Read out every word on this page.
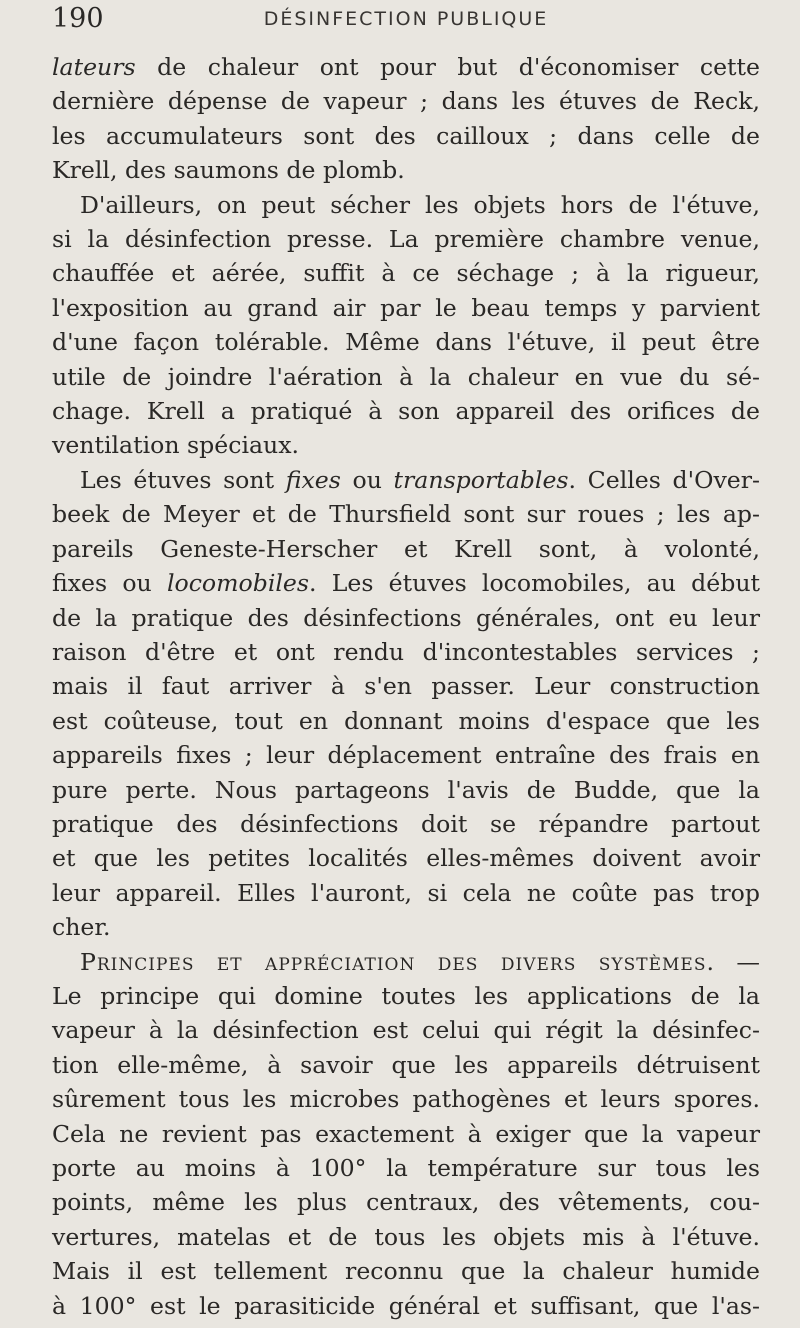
190	DÉSINFECTION PUBLIQUE
lateurs de chaleur ont pour but d'économiser cette
dernière dépense de vapeur ; dans les étuves de Reck,
les accumulateurs sont des cailloux ; dans celle de
Krell, des saumons de plomb.
D'ailleurs, on peut sécher les objets hors de l'étuve,
si la désinfection presse. La première chambre venue,
chauffée et aérée, suffit à ce séchage ; à la rigueur,
l'exposition au grand air par le beau temps y parvient
d'une façon tolérable. Même dans l'étuve, il peut être
utile de joindre l'aération à la chaleur en vue du sé-
chage. Krell a pratiqué à son appareil des orifices de
ventilation spéciaux.
Les étuves sont fixes ou transportables. Celles d'Over-
beek de Meyer et de Thursfield sont sur roues ; les ap-
pareils Geneste-Herscher et Krell sont, à volonté,
fixes ou locomobiles. Les étuves locomobiles, au début
de la pratique des désinfections générales, ont eu leur
raison d'être et ont rendu d'incontestables services ;
mais il faut arriver à s'en passer. Leur construction
est coûteuse, tout en donnant moins d'espace que les
appareils fixes ; leur déplacement entraîne des frais en
pure perte. Nous partageons l'avis de Budde, que la
pratique des désinfections doit se répandre partout
et que les petites localités elles-mêmes doivent avoir
leur appareil. Elles l'auront, si cela ne coûte pas trop
cher.
Principes et appréciation des divers systèmes. —
Le principe qui domine toutes les applications de la
vapeur à la désinfection est celui qui régit la désinfec-
tion elle-même, à savoir que les appareils détruisent
sûrement tous les microbes pathogènes et leurs spores.
Cela ne revient pas exactement à exiger que la vapeur
porte au moins à 100° la température sur tous les
points, même les plus centraux, des vêtements, cou-
vertures, matelas et de tous les objets mis à l'étuve.
Mais il est tellement reconnu que la chaleur humide
à 100° est le parasiticide général et suffisant, que l'as-
